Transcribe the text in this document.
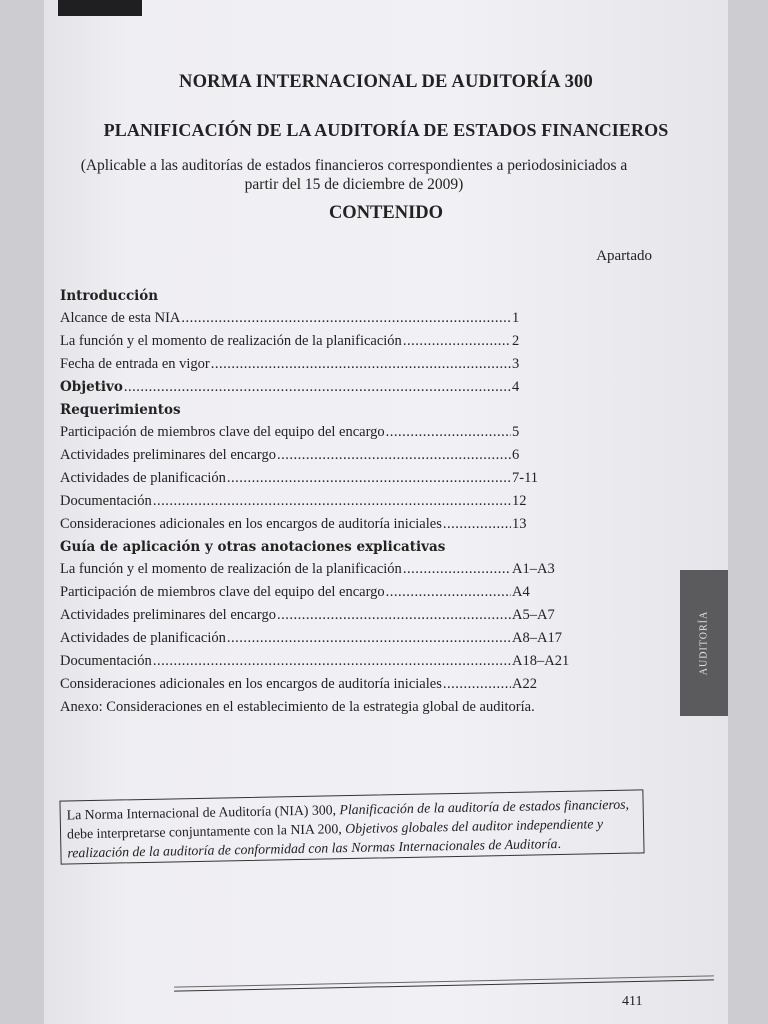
NORMA INTERNACIONAL DE AUDITORÍA 300
PLANIFICACIÓN DE LA AUDITORÍA DE ESTADOS FINANCIEROS
(Aplicable a las auditorías de estados financieros correspondientes a periodosiniciados a partir del 15 de diciembre de 2009)
CONTENIDO
Apartado
Introducción
Alcance de esta NIA .....	1
La función y el momento de realización de la planificación .....	2
Fecha de entrada en vigor .....	3
Objetivo .....	4
Requerimientos
Participación de miembros clave del equipo del encargo .....	5
Actividades preliminares del encargo .....	6
Actividades de planificación .....	7-11
Documentación .....	12
Consideraciones adicionales en los encargos de auditoría iniciales .....	13
Guía de aplicación y otras anotaciones explicativas
La función y el momento de realización de la planificación .....	A1–A3
Participación de miembros clave del equipo del encargo .....	A4
Actividades preliminares del encargo .....	A5–A7
Actividades de planificación .....	A8–A17
Documentación .....	A18–A21
Consideraciones adicionales en los encargos de auditoría iniciales .....	A22
Anexo: Consideraciones en el establecimiento de la estrategia global de auditoría.
La Norma Internacional de Auditoría (NIA) 300, Planificación de la auditoría de estados financieros, debe interpretarse conjuntamente con la NIA 200, Objetivos globales del auditor independiente y realización de la auditoría de conformidad con las Normas Internacionales de Auditoría.
AUDITORÍA
411
